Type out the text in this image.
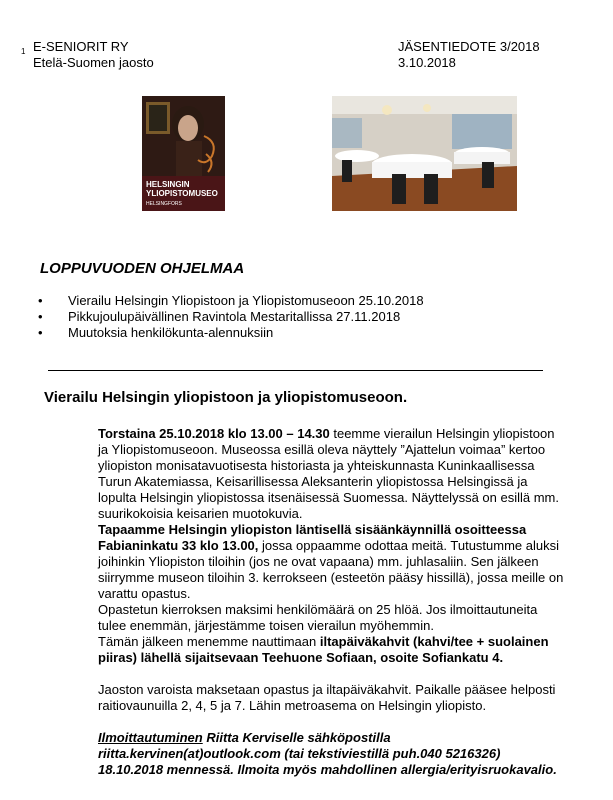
1 E-SENIORIT RY
Etelä-Suomen jaosto
JÄSENTIEDOTE 3/2018
3.10.2018
HELSINGIN
YLIOPISTOMUSEO
HELSINGFORS
LOPPUVUODEN OHJELMAA
•	Vierailu Helsingin Yliopistoon ja Yliopistomuseoon 25.10.2018
•	Pikkujoulupäivällinen Ravintola Mestaritallissa 27.11.2018
•	Muutoksia henkilökunta-alennuksiin
Vierailu Helsingin yliopistoon ja yliopistomuseoon.

Torstaina 25.10.2018 klo 13.00 – 14.30 teemme vierailun Helsingin yliopistoon ja Yliopistomuseoon. Museossa esillä oleva näyttely ”Ajattelun voimaa” kertoo yliopiston monisatavuotisesta historiasta ja yhteiskunnasta Kuninkaallisessa Turun Akatemiassa, Keisarillisessa Aleksanterin yliopistossa Helsingissä ja lopulta Helsingin yliopistossa itsenäisessä Suomessa. Näyttelyssä on esillä mm. suurikokoisia keisarien muotokuvia.

Tapaamme Helsingin yliopiston läntisellä sisäänkäynnillä osoitteessa Fabianinkatu 33 klo 13.00, jossa oppaamme odottaa meitä. Tutustumme aluksi joihinkin Yliopiston tiloihin (jos ne ovat vapaana) mm. juhlasaliin. Sen jälkeen siirrymme museon tiloihin 3. kerrokseen (esteetön pääsy hissillä), jossa meille on varattu opastus.

Opastetun kierroksen maksimi henkilömäärä on 25 hlöä. Jos ilmoittautuneita tulee enemmän, järjestämme toisen vierailun myöhemmin.

Tämän jälkeen menemme nauttimaan iltapäiväkahvit (kahvi/tee + suolainen piiras) lähellä sijaitsevaan Teehuone Sofiaan, osoite Sofiankatu 4.

Jaoston varoista maksetaan opastus ja iltapäiväkahvit. Paikalle pääsee helposti raitiovaunuilla 2, 4, 5 ja 7. Lähin metroasema on Helsingin yliopisto.

Ilmoittautuminen Riitta Kerviselle sähköpostilla riitta.kervinen(at)outlook.com (tai tekstiviestillä puh.040 5216326) 18.10.2018 mennessä. Ilmoita myös mahdollinen allergia/erityisruokavalio.
